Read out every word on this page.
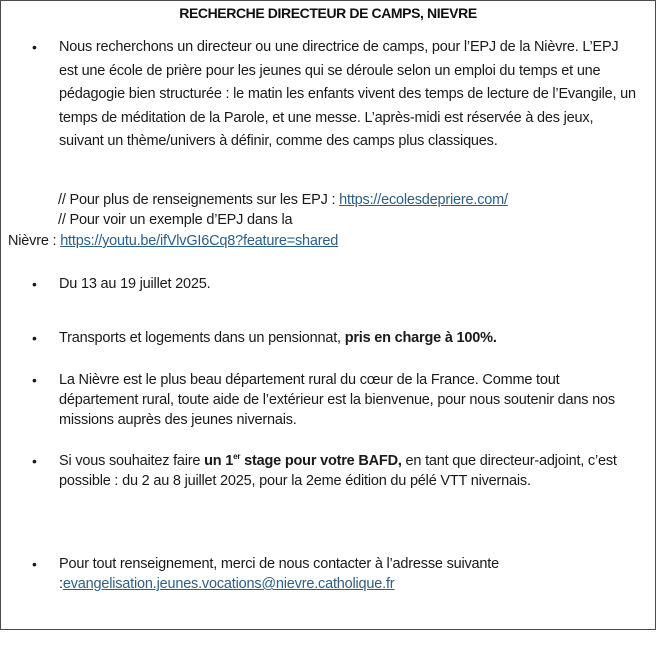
RECHERCHE DIRECTEUR DE CAMPS, NIEVRE
• Nous recherchons un directeur ou une directrice de camps, pour l’EPJ de la Nièvre. L’EPJ est une école de prière pour les jeunes qui se déroule selon un emploi du temps et une pédagogie bien structurée : le matin les enfants vivent des temps de lecture de l’Evangile, un temps de méditation de la Parole, et une messe. L’après-midi est réservée à des jeux, suivant un thème/univers à définir, comme des camps plus classiques.
// Pour plus de renseignements sur les EPJ : https://ecolesdepriere.com/
// Pour voir un exemple d’EPJ dans la
Nièvre : https://youtu.be/ifVlvGI6Cq8?feature=shared
• Du 13 au 19 juillet 2025.
• Transports et logements dans un pensionnat, pris en charge à 100%.
• La Nièvre est le plus beau département rural du cœur de la France. Comme tout département rural, toute aide de l’extérieur est la bienvenue, pour nous soutenir dans nos missions auprès des jeunes nivernais.
• Si vous souhaitez faire un 1er stage pour votre BAFD, en tant que directeur-adjoint, c’est possible : du 2 au 8 juillet 2025, pour la 2eme édition du pélé VTT nivernais.
• Pour tout renseignement, merci de nous contacter à l’adresse suivante :evangelisation.jeunes.vocations@nievre.catholique.fr
